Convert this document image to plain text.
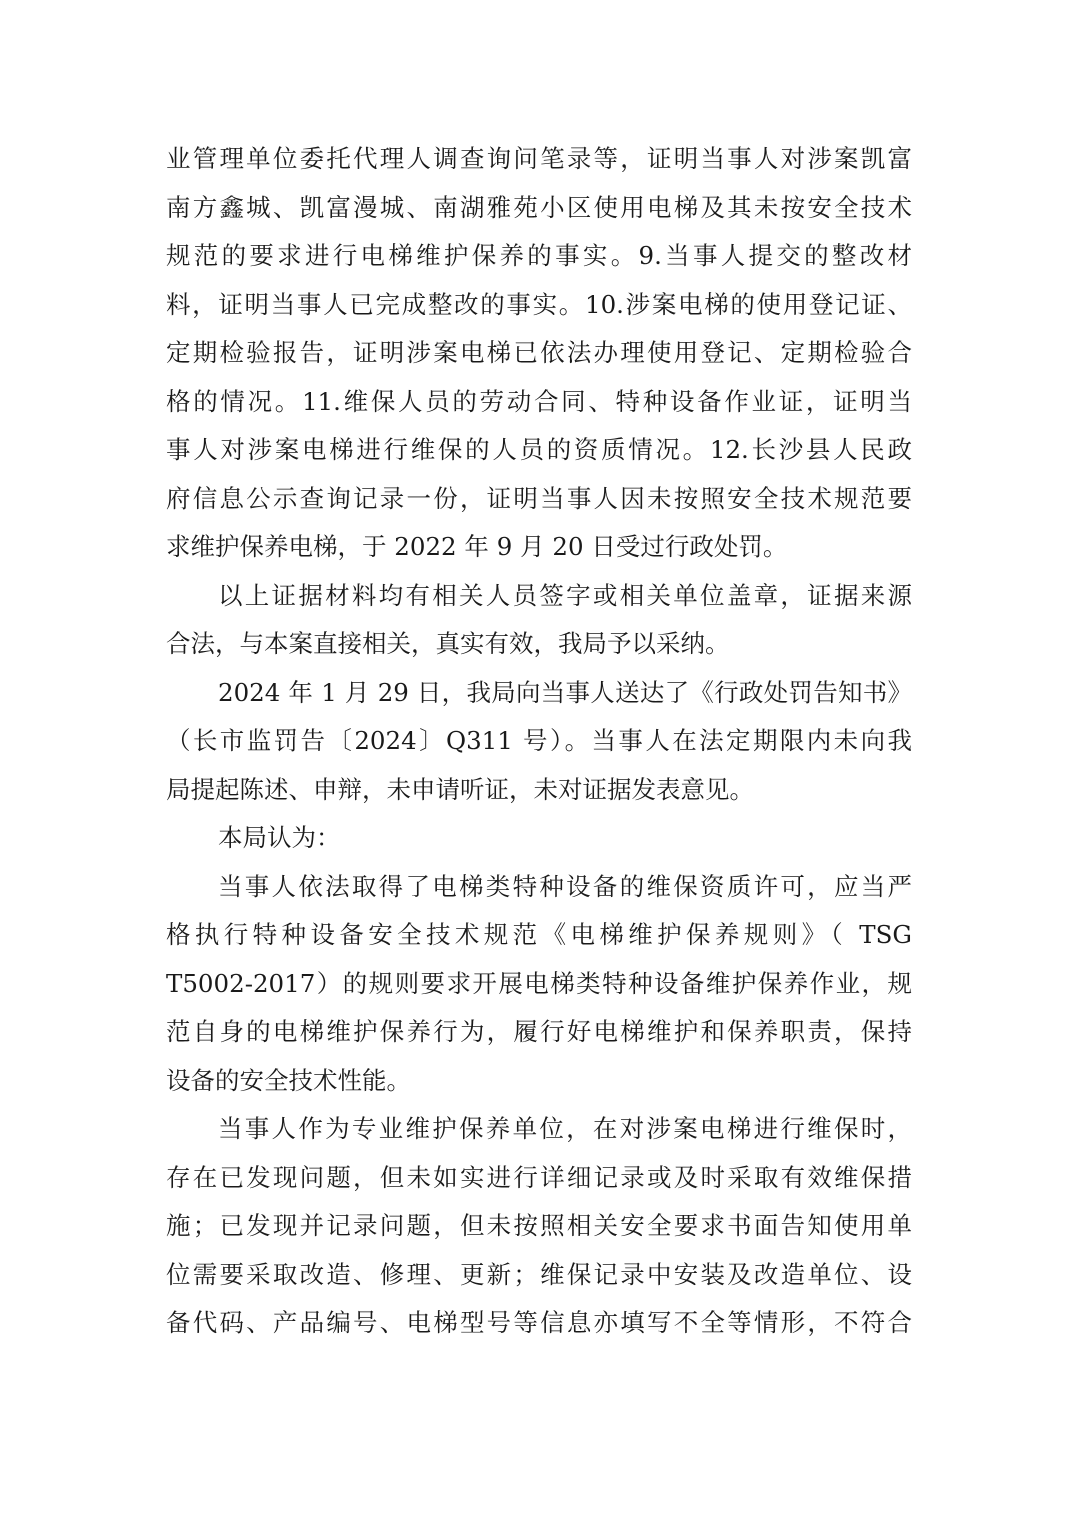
业管理单位委托代理人调查询问笔录等，证明当事人对涉案凯富
南方鑫城、凯富漫城、南湖雅苑小区使用电梯及其未按安全技术
规范的要求进行电梯维护保养的事实。9.当事人提交的整改材
料，证明当事人已完成整改的事实。10.涉案电梯的使用登记证、
定期检验报告，证明涉案电梯已依法办理使用登记、定期检验合
格的情况。11.维保人员的劳动合同、特种设备作业证，证明当
事人对涉案电梯进行维保的人员的资质情况。12.长沙县人民政
府信息公示查询记录一份，证明当事人因未按照安全技术规范要
求维护保养电梯，于 2022 年 9 月 20 日受过行政处罚。
以上证据材料均有相关人员签字或相关单位盖章，证据来源
合法，与本案直接相关，真实有效，我局予以采纳。
2024 年 1 月 29 日，我局向当事人送达了《行政处罚告知书》
（长市监罚告〔2024〕Q311 号）。当事人在法定期限内未向我
局提起陈述、申辩，未申请听证，未对证据发表意见。
本局认为：
当事人依法取得了电梯类特种设备的维保资质许可，应当严
格执行特种设备安全技术规范《电梯维护保养规则》（ TSG
T5002-2017）的规则要求开展电梯类特种设备维护保养作业，规
范自身的电梯维护保养行为，履行好电梯维护和保养职责，保持
设备的安全技术性能。
当事人作为专业维护保养单位，在对涉案电梯进行维保时，
存在已发现问题，但未如实进行详细记录或及时采取有效维保措
施；已发现并记录问题，但未按照相关安全要求书面告知使用单
位需要采取改造、修理、更新；维保记录中安装及改造单位、设
备代码、产品编号、电梯型号等信息亦填写不全等情形，不符合
